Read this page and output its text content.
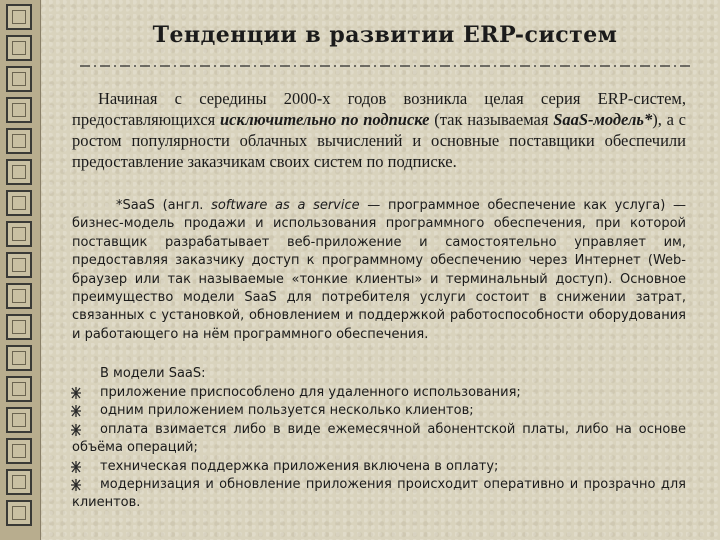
Тенденции в развитии ERP-систем
Начиная с середины 2000-х годов возникла целая серия ERP-систем, предоставляющихся исключительно по подписке (так называемая SaaS-модель*), а с ростом популярности облачных вычислений и основные поставщики обеспечили предоставление заказчикам своих систем по подписке.
*SaaS (англ. software as a service — программное обеспечение как услуга) — бизнес-модель продажи и использования программного обеспечения, при которой поставщик разрабатывает веб-приложение и самостоятельно управляет им, предоставляя заказчику доступ к программному обеспечению через Интернет (Web-браузер или так называемые «тонкие клиенты» и терминальный доступ). Основное преимущество модели SaaS для потребителя услуги состоит в снижении затрат, связанных с установкой, обновлением и поддержкой работоспособности оборудования и работающего на нём программного обеспечения.
В модели SaaS:
приложение приспособлено для удаленного использования;
одним приложением пользуется несколько клиентов;
оплата взимается либо в виде ежемесячной абонентской платы, либо на основе объёма операций;
техническая поддержка приложения включена в оплату;
модернизация и обновление приложения происходит оперативно и прозрачно для клиентов.
